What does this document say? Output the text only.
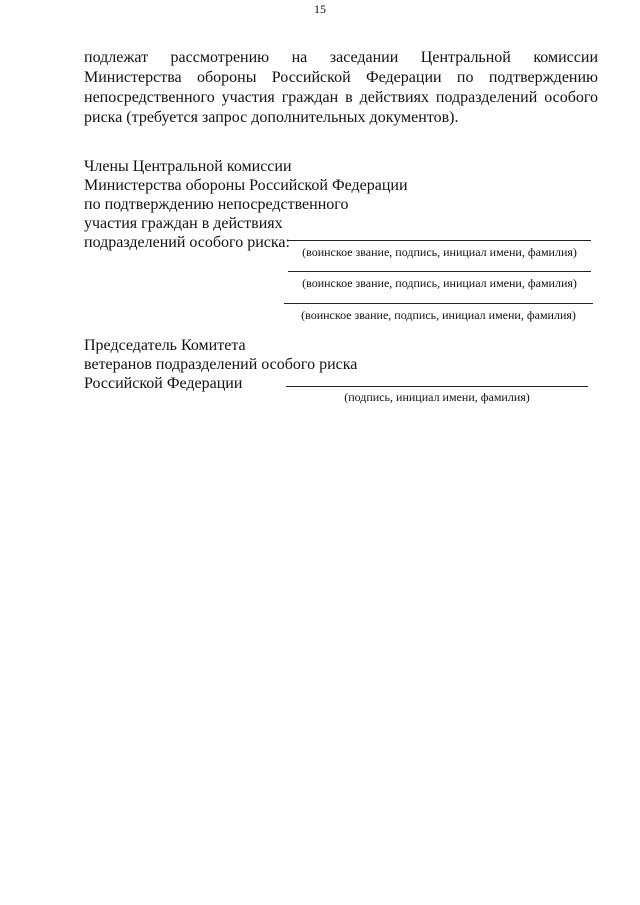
15
подлежат рассмотрению на заседании Центральной комиссии Министерства обороны Российской Федерации по подтверждению непосредственного участия граждан в действиях подразделений особого риска (требуется запрос дополнительных документов).
Члены Центральной комиссии
Министерства обороны Российской Федерации
по подтверждению непосредственного
участия граждан в действиях
подразделений особого риска:
(воинское звание, подпись, инициал имени, фамилия)
(воинское звание, подпись, инициал имени, фамилия)
(воинское звание, подпись, инициал имени, фамилия)
Председатель Комитета
ветеранов подразделений особого риска
Российской Федерации
(подпись, инициал имени, фамилия)
